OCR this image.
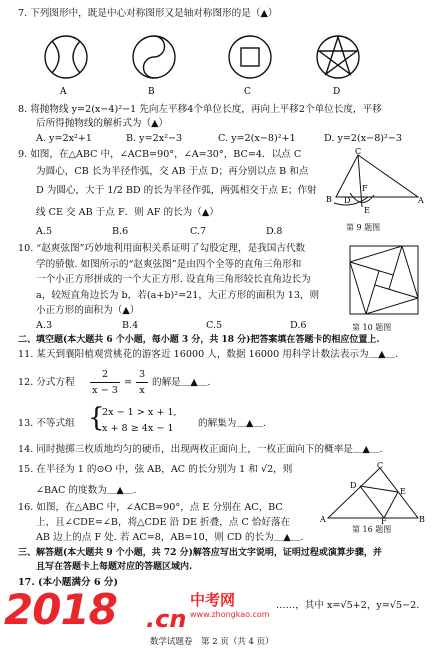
7. 下列图形中，既是中心对称图形又是轴对称图形的是（▲）
A	B	C	D
8. 将抛物线 y=2(x−4)²−1 先向左平移4个单位长度，再向上平移2个单位长度，平移
后所得抛物线的解析式为（▲）
A. y=2x²+1	B. y=2x²−3	C. y=2(x−8)²+1	D. y=2(x−8)²−3
9. 如图，在△ABC 中，∠ACB=90°，∠A=30°，BC=4．以点 C
为圆心，CB 长为半径作弧，交 AB 于点 D；再分别以点 B 和点
D 为圆心，大于 1/2 BD 的长为半径作弧，两弧相交于点 E；作射
线 CE 交 AB 于点 F．则 AF 的长为（▲）
A.5	B.6	C.7	D.8
C
F
B D
E
A
第 9 题图
10. “赵爽弦图”巧妙地利用面积关系证明了勾股定理，是我国古代数
学的骄傲. 如图所示的“赵爽弦图”是由四个全等的直角三角形和
一个小正方形拼成的一个大正方形. 设直角三角形较长直角边长为
a，较短直角边长为 b，若(a+b)²=21，大正方形的面积为 13，则
小正方形的面积为（▲）
A.3	B.4	C.5	D.6	第 10 题图
二、填空题(本大题共 6 个小题，每小题 3 分，共 18 分)把答案填在答题卡的相应位置上.
11. 某天到襄阳植观赏桃花的游客近 16000 人，数据 16000 用科学计数法表示为＿▲＿.
12. 分式方程
2
x − 3
=
3
x
的解是＿▲＿.
13. 不等式组 {
2x − 1 > x + 1,
x + 8 ≥ 4x − 1	的解集为＿▲＿.
14. 同时抛掷三枚质地均匀的硬币，出现两枚正面向上，一枚正面向下的概率是＿▲＿.
15. 在半径为 1 的⊙O 中，弦 AB，AC 的长分别为 1 和 √2，则
∠BAC 的度数为＿▲＿.
16. 如图，在△ABC 中，∠ACB=90°，点 E 分别在 AC，BC
上，且∠CDE=∠B，将△CDE 沿 DE 折叠，点 C 恰好落在
AB 边上的点 F 处. 若 AC=8，AB=10，则 CD 的长为＿▲＿.
C
E
D
A	F	B
第 16 题图
三、解答题(本大题共 9 个小题，共 72 分)解答应写出文字说明，证明过程或演算步骤，并
且写在答题卡上每题对应的答题区域内.
17. (本小题满分 6 分)
……，其中 x=√5+2，y=√5−2.
2018 .cn
中考网
www.zhongkao.com
数学试题卷　第 2 页（共 4 页）
